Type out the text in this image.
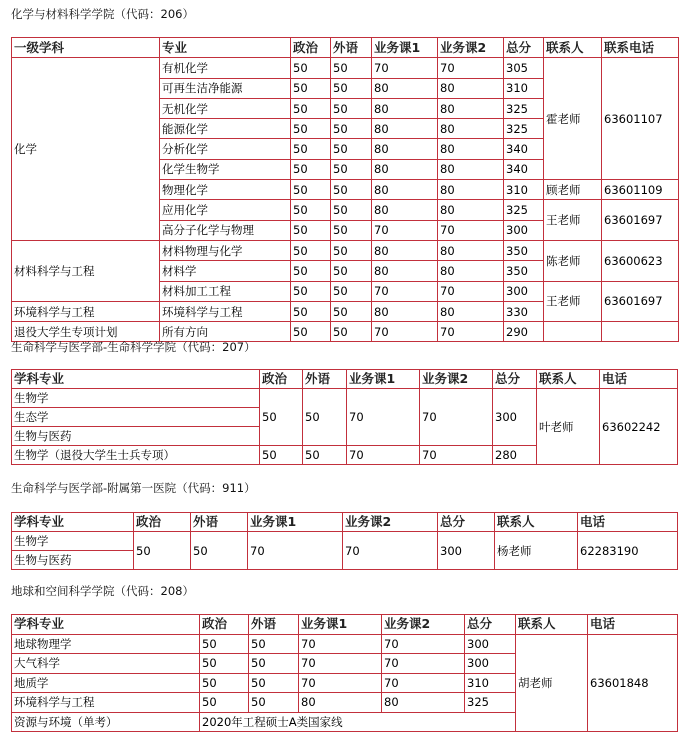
化学与材料科学学院（代码：206）
一级学科	专业	政治	外语	业务课1	业务课2	总分	联系人	联系电话
化学	有机化学	50	50	70	70	305	霍老师	63601107
	可再生洁净能源	50	50	80	80	310		
	无机化学	50	50	80	80	325		
	能源化学	50	50	80	80	325		
	分析化学	50	50	80	80	340		
	化学生物学	50	50	80	80	340		
	物理化学	50	50	80	80	310	顾老师	63601109
	应用化学	50	50	80	80	325	王老师	63601697
	高分子化学与物理	50	50	70	70	300		
材料科学与工程	材料物理与化学	50	50	80	80	350	陈老师	63600623
	材料学	50	50	80	80	350		
	材料加工工程	50	50	70	70	300	王老师	63601697
环境科学与工程	环境科学与工程	50	50	80	80	330		
退役大学生专项计划	所有方向	50	50	70	70	290		
生命科学与医学部-生命科学学院（代码：207）
学科专业	政治	外语	业务课1	业务课2	总分	联系人	电话
生物学	50	50	70	70	300	叶老师	63602242
生态学							
生物与医药							
生物学（退役大学生士兵专项）	50	50	70	70	280		
生命科学与医学部-附属第一医院（代码：911）
学科专业	政治	外语	业务课1	业务课2	总分	联系人	电话
生物学	50	50	70	70	300	杨老师	62283190
生物与医药							
地球和空间科学学院（代码：208）
学科专业	政治	外语	业务课1	业务课2	总分	联系人	电话
地球物理学	50	50	70	70	300	胡老师	63601848
大气科学	50	50	70	70	300		
地质学	50	50	70	70	310		
环境科学与工程	50	50	80	80	325		
资源与环境（单考）	2020年工程硕士A类国家线						
